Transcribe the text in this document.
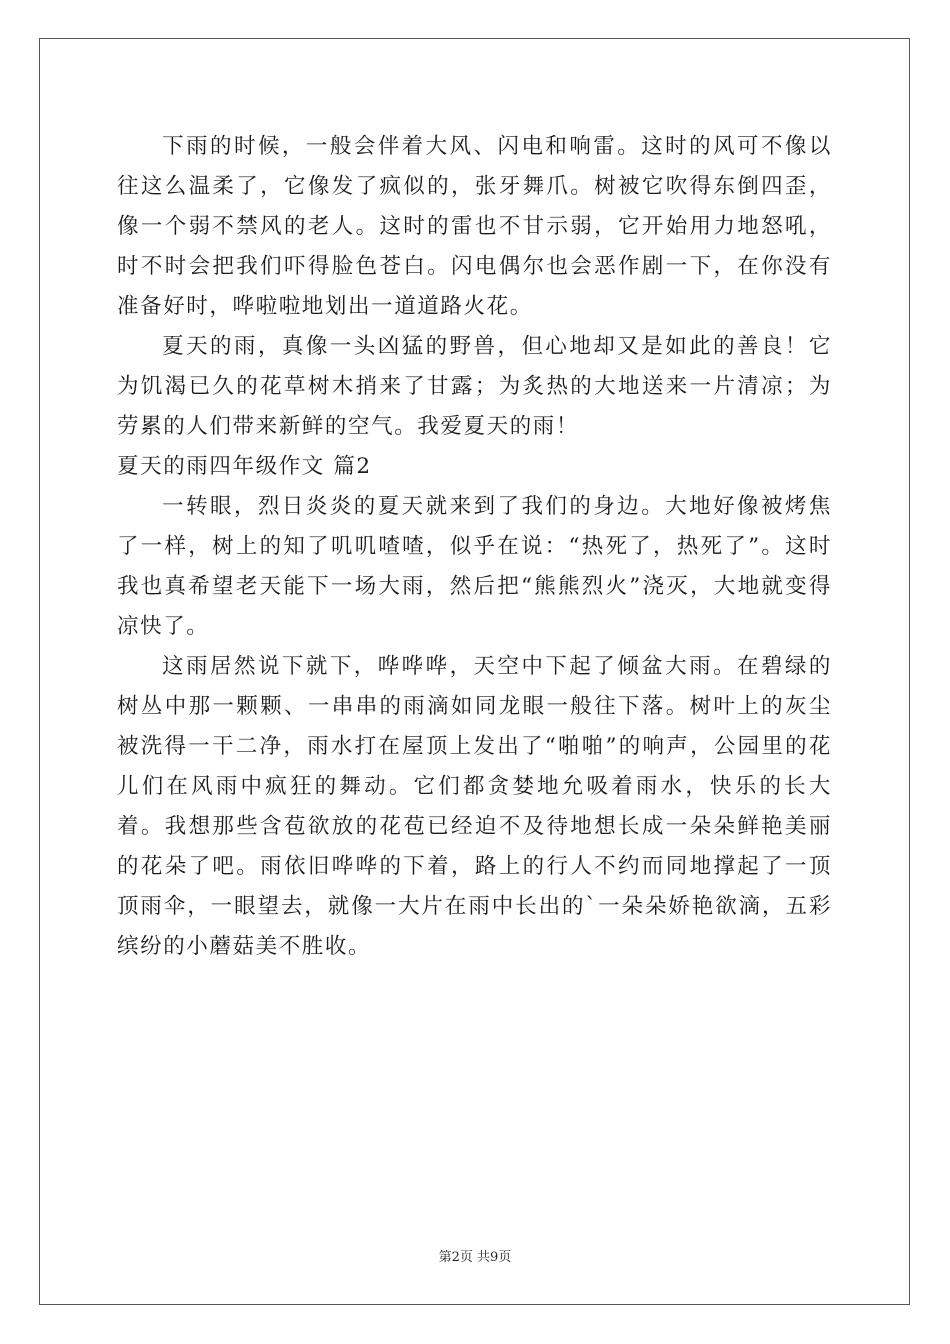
下雨的时候，一般会伴着大风、闪电和响雷。这时的风可不像以往这么温柔了，它像发了疯似的，张牙舞爪。树被它吹得东倒四歪，像一个弱不禁风的老人。这时的雷也不甘示弱，它开始用力地怒吼，时不时会把我们吓得脸色苍白。闪电偶尔也会恶作剧一下，在你没有准备好时，哗啦啦地划出一道道路火花。

夏天的雨，真像一头凶猛的野兽，但心地却又是如此的善良！它为饥渴已久的花草树木捎来了甘露；为炙热的大地送来一片清凉；为劳累的人们带来新鲜的空气。我爱夏天的雨！

夏天的雨四年级作文 篇2

一转眼，烈日炎炎的夏天就来到了我们的身边。大地好像被烤焦了一样，树上的知了叽叽喳喳，似乎在说：“热死了，热死了”。这时我也真希望老天能下一场大雨，然后把“熊熊烈火”浇灭，大地就变得凉快了。

这雨居然说下就下，哗哗哗，天空中下起了倾盆大雨。在碧绿的树丛中那一颗颗、一串串的雨滴如同龙眼一般往下落。树叶上的灰尘被洗得一干二净，雨水打在屋顶上发出了“啪啪”的响声，公园里的花儿们在风雨中疯狂的舞动。它们都贪婪地允吸着雨水，快乐的长大着。我想那些含苞欲放的花苞已经迫不及待地想长成一朵朵鲜艳美丽的花朵了吧。雨依旧哗哗的下着，路上的行人不约而同地撑起了一顶顶雨伞，一眼望去，就像一大片在雨中长出的`一朵朵娇艳欲滴，五彩缤纷的小蘑菇美不胜收。

第2页 共9页
